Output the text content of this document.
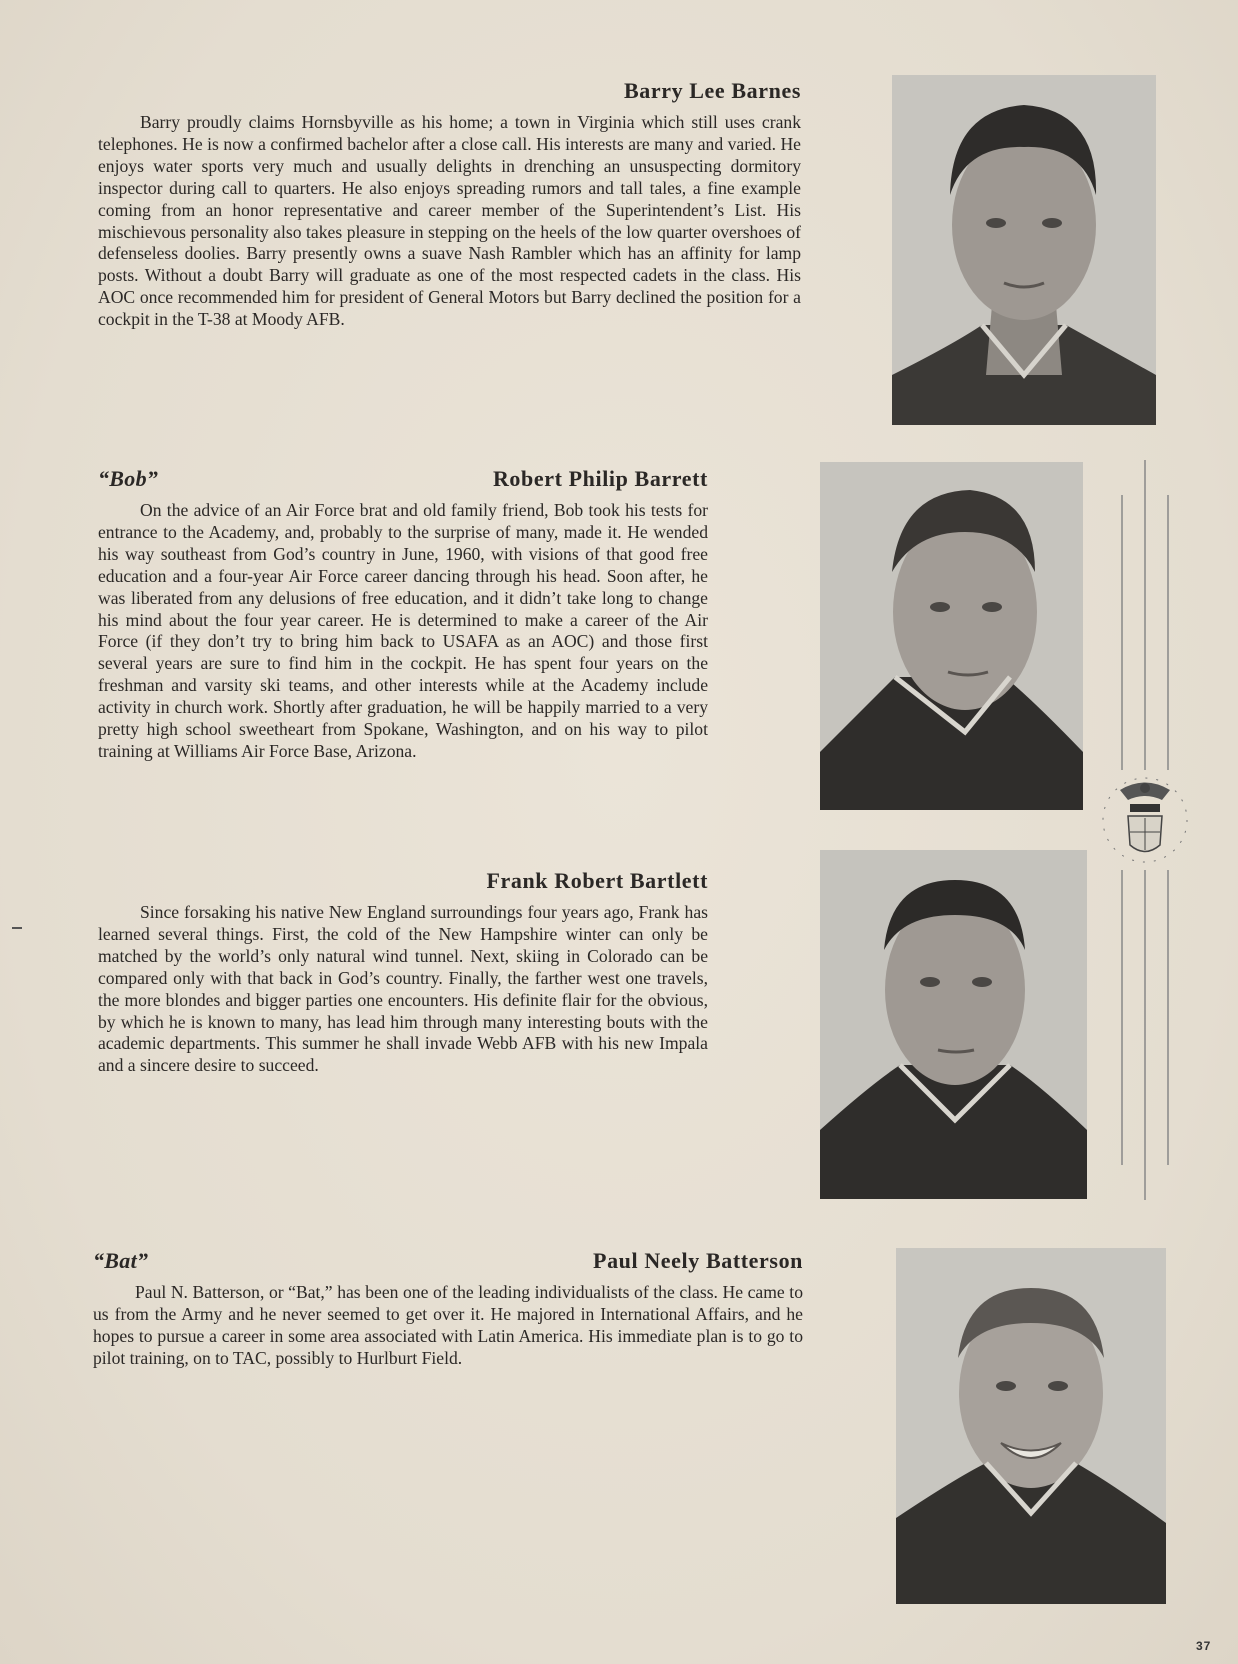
Barry Lee Barnes

Barry proudly claims Hornsbyville as his home; a town in Virginia which still uses crank telephones. He is now a confirmed bachelor after a close call. His interests are many and varied. He enjoys water sports very much and usually delights in drenching an unsuspecting dormitory inspector during call to quarters. He also enjoys spreading rumors and tall tales, a fine example coming from an honor representative and career member of the Superintendent’s List. His mischievous personality also takes pleasure in stepping on the heels of the low quarter overshoes of defenseless doolies. Barry presently owns a suave Nash Rambler which has an affinity for lamp posts. Without a doubt Barry will graduate as one of the most respected cadets in the class. His AOC once recommended him for president of General Motors but Barry declined the position for a cockpit in the T-38 at Moody AFB.

“Bob”	Robert Philip Barrett

On the advice of an Air Force brat and old family friend, Bob took his tests for entrance to the Academy, and, probably to the surprise of many, made it. He wended his way southeast from God’s country in June, 1960, with visions of that good free education and a four-year Air Force career dancing through his head. Soon after, he was liberated from any delusions of free education, and it didn’t take long to change his mind about the four year career. He is determined to make a career of the Air Force (if they don’t try to bring him back to USAFA as an AOC) and those first several years are sure to find him in the cockpit. He has spent four years on the freshman and varsity ski teams, and other interests while at the Academy include activity in church work. Shortly after graduation, he will be happily married to a very pretty high school sweetheart from Spokane, Washington, and on his way to pilot training at Williams Air Force Base, Arizona.

Frank Robert Bartlett

Since forsaking his native New England surroundings four years ago, Frank has learned several things. First, the cold of the New Hampshire winter can only be matched by the world’s only natural wind tunnel. Next, skiing in Colorado can be compared only with that back in God’s country. Finally, the farther west one travels, the more blondes and bigger parties one encounters. His definite flair for the obvious, by which he is known to many, has lead him through many interesting bouts with the academic departments. This summer he shall invade Webb AFB with his new Impala and a sincere desire to succeed.

“Bat”	Paul Neely Batterson

Paul N. Batterson, or “Bat,” has been one of the leading individualists of the class. He came to us from the Army and he never seemed to get over it. He majored in International Affairs, and he hopes to pursue a career in some area associated with Latin America. His immediate plan is to go to pilot training, on to TAC, possibly to Hurlburt Field.

37
